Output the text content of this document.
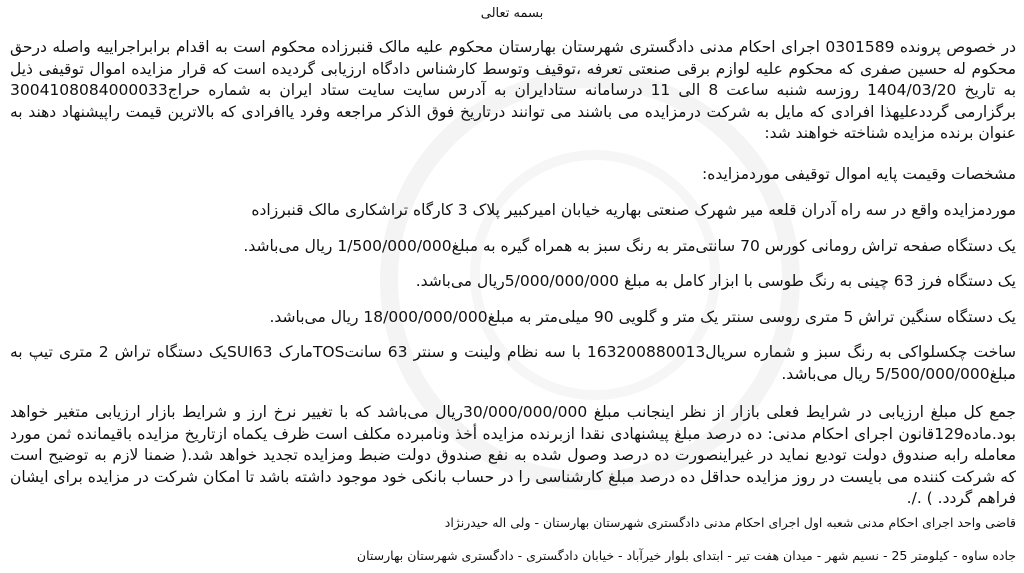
بسمه تعالی
در خصوص پرونده 0301589 اجرای احکام مدنی دادگستری شهرستان بهارستان محکوم علیه مالک قنبرزاده محکوم است به اقدام برابراجراییه واصله درحق محکوم له حسین صفری که محکوم علیه لوازم برقی صنعتی تعرفه ،توقیف وتوسط کارشناس دادگاه ارزیابی گردیده است که قرار مزایده اموال توقیفی ذیل به تاریخ 1404/03/20 روزسه شنبه ساعت 8 الی 11 درسامانه ستادایران به آدرس سایت سایت ستاد ایران به شماره حراج3004108084000033 برگزارمی گرددعلیهذا افرادی که مایل به شرکت درمزایده می باشند می توانند درتاریخ فوق الذکر مراجعه وفرد یاافرادی که بالاترین قیمت راپیشنهاد دهند به عنوان برنده مزایده شناخته خواهند شد:
مشخصات وقیمت پایه اموال توقیفی موردمزایده:
موردمزایده واقع در سه راه آدران قلعه میر شهرک صنعتی بهاریه خیابان امیرکبیر پلاک 3 کارگاه تراشکاری مالک قنبرزاده
یک دستگاه صفحه تراش رومانی کورس 70 سانتی‌متر به رنگ سبز به همراه گیره به مبلغ1/500/000/000 ریال می‌باشد.
یک دستگاه فرز 63 چینی به رنگ طوسی با ابزار کامل به مبلغ 5/000/000/000ریال می‌باشد.
یک دستگاه سنگین تراش 5 متری روسی سنتر یک متر و گلویی 90 میلی‌متر به مبلغ18/000/000/000 ریال می‌باشد.
ساخت چکسلواکی به رنگ سبز و شماره سریال163200880013 با سه نظام ولینت و سنتر 63 سانتTOSمارک SUI63یک دستگاه تراش 2 متری تیپ به مبلغ5/500/000/000 ریال می‌باشد.
جمع کل مبلغ ارزیابی در شرایط فعلی بازار از نظر اینجانب مبلغ 30/000/000/000ریال می‌باشد که با تغییر نرخ ارز و شرایط بازار ارزیابی متغیر خواهد بود.ماده129قانون اجرای احکام مدنی: ده درصد مبلغ پیشنهادی نقدا ازبرنده مزایده أخذ ونامبرده مکلف است ظرف یکماه ازتاریخ مزایده باقیمانده ثمن مورد معامله رابه صندوق دولت تودیع نماید در غیراینصورت ده درصد وصول شده به نفع صندوق دولت ضبط ومزایده تجدید خواهد شد.( ضمنا لازم به توضیح است که شرکت کننده می بایست در روز مزایده حداقل ده درصد مبلغ کارشناسی را در حساب بانکی خود موجود داشته باشد تا امکان شرکت در مزایده برای ایشان فراهم گردد. ) ./.
قاضی واحد اجرای احکام مدنی شعبه اول اجرای احکام مدنی دادگستری شهرستان بهارستان - ولی اله حیدرنژاد
جاده ساوه - کیلومتر 25 - نسیم شهر - میدان هفت تیر - ابتدای بلوار خیرآباد - خیابان دادگستری - دادگستری شهرستان بهارستان
